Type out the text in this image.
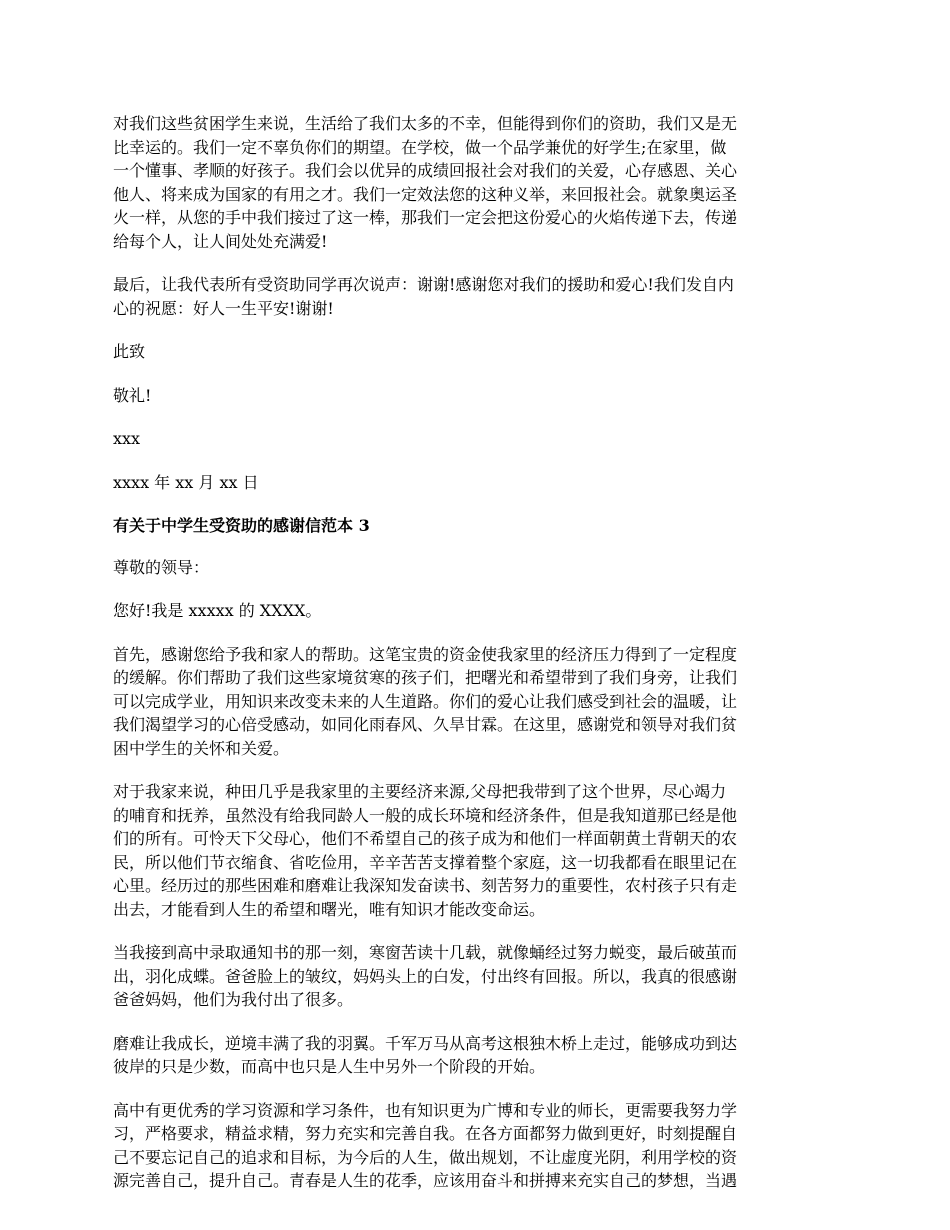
对我们这些贫困学生来说，生活给了我们太多的不幸，但能得到你们的资助，我们又是无
比幸运的。我们一定不辜负你们的期望。在学校，做一个品学兼优的好学生;在家里，做
一个懂事、孝顺的好孩子。我们会以优异的成绩回报社会对我们的关爱，心存感恩、关心
他人、将来成为国家的有用之才。我们一定效法您的这种义举，来回报社会。就象奥运圣
火一样，从您的手中我们接过了这一棒，那我们一定会把这份爱心的火焰传递下去，传递
给每个人，让人间处处充满爱!

最后，让我代表所有受资助同学再次说声：谢谢!感谢您对我们的援助和爱心!我们发自内
心的祝愿：好人一生平安!谢谢!

此致

敬礼!

xxx

xxxx 年 xx 月 xx 日

有关于中学生受资助的感谢信范本 3

尊敬的领导：

您好!我是 xxxxx 的 XXXX。

首先，感谢您给予我和家人的帮助。这笔宝贵的资金使我家里的经济压力得到了一定程度
的缓解。你们帮助了我们这些家境贫寒的孩子们，把曙光和希望带到了我们身旁，让我们
可以完成学业，用知识来改变未来的人生道路。你们的爱心让我们感受到社会的温暖，让
我们渴望学习的心倍受感动，如同化雨春风、久旱甘霖。在这里，感谢党和领导对我们贫
困中学生的关怀和关爱。

对于我家来说，种田几乎是我家里的主要经济来源,父母把我带到了这个世界，尽心竭力
的哺育和抚养，虽然没有给我同龄人一般的成长环境和经济条件，但是我知道那已经是他
们的所有。可怜天下父母心，他们不希望自己的孩子成为和他们一样面朝黄土背朝天的农
民，所以他们节衣缩食、省吃俭用，辛辛苦苦支撑着整个家庭，这一切我都看在眼里记在
心里。经历过的那些困难和磨难让我深知发奋读书、刻苦努力的重要性，农村孩子只有走
出去，才能看到人生的希望和曙光，唯有知识才能改变命运。

当我接到高中录取通知书的那一刻，寒窗苦读十几载，就像蛹经过努力蜕变，最后破茧而
出，羽化成蝶。爸爸脸上的皱纹，妈妈头上的白发，付出终有回报。所以，我真的很感谢
爸爸妈妈，他们为我付出了很多。

磨难让我成长，逆境丰满了我的羽翼。千军万马从高考这根独木桥上走过，能够成功到达
彼岸的只是少数，而高中也只是人生中另外一个阶段的开始。

高中有更优秀的学习资源和学习条件，也有知识更为广博和专业的师长，更需要我努力学
习，严格要求，精益求精，努力充实和完善自我。在各方面都努力做到更好，时刻提醒自
己不要忘记自己的追求和目标，为今后的人生，做出规划，不让虚度光阴，利用学校的资
源完善自己，提升自己。青春是人生的花季，应该用奋斗和拼搏来充实自己的梦想，当遇
